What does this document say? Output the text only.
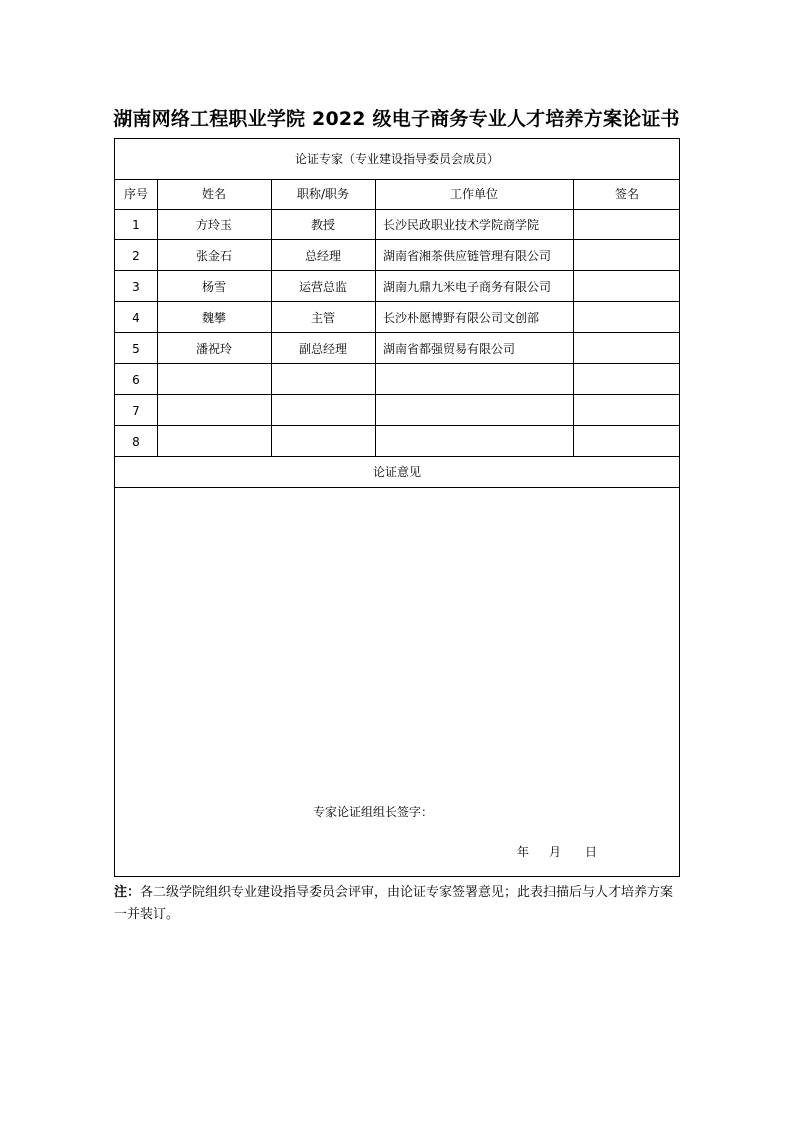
湖南网络工程职业学院 2022 级电子商务专业人才培养方案论证书
论证专家（专业建设指导委员会成员）
序号	姓名	职称/职务	工作单位	签名
1	方玲玉	教授	长沙民政职业技术学院商学院
2	张金石	总经理	湖南省湘茶供应链管理有限公司
3	杨雪	运营总监	湖南九鼎九米电子商务有限公司
4	魏攀	主管	长沙朴愿博野有限公司文创部
5	潘祝玲	副总经理	湖南省都强贸易有限公司
6
7
8
论证意见
专家论证组组长签字：
年 月 日
注：各二级学院组织专业建设指导委员会评审，由论证专家签署意见；此表扫描后与人才培养方案一并装订。
